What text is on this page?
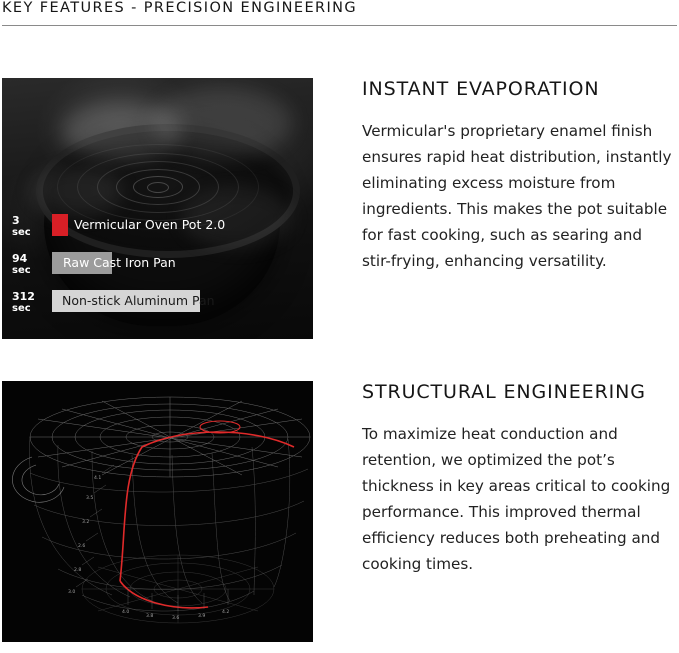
KEY FEATURES - PRECISION ENGINEERING
3
sec
Vermicular Oven Pot 2.0
94
sec
Raw Cast Iron Pan
312
sec
Non-stick Aluminum Pan
INSTANT EVAPORATION

Vermicular's proprietary enamel finish ensures rapid heat distribution, instantly eliminating excess moisture from ingredients. This makes the pot suitable for fast cooking, such as searing and stir-frying, enhancing versatility.

3.0
2.8
2.6
3.2
3.5
4.1
4.0
3.8	3.6	3.9
4.2
STRUCTURAL ENGINEERING

To maximize heat conduction and retention, we optimized the pot’s thickness in key areas critical to cooking performance. This improved thermal efficiency reduces both preheating and cooking times.
